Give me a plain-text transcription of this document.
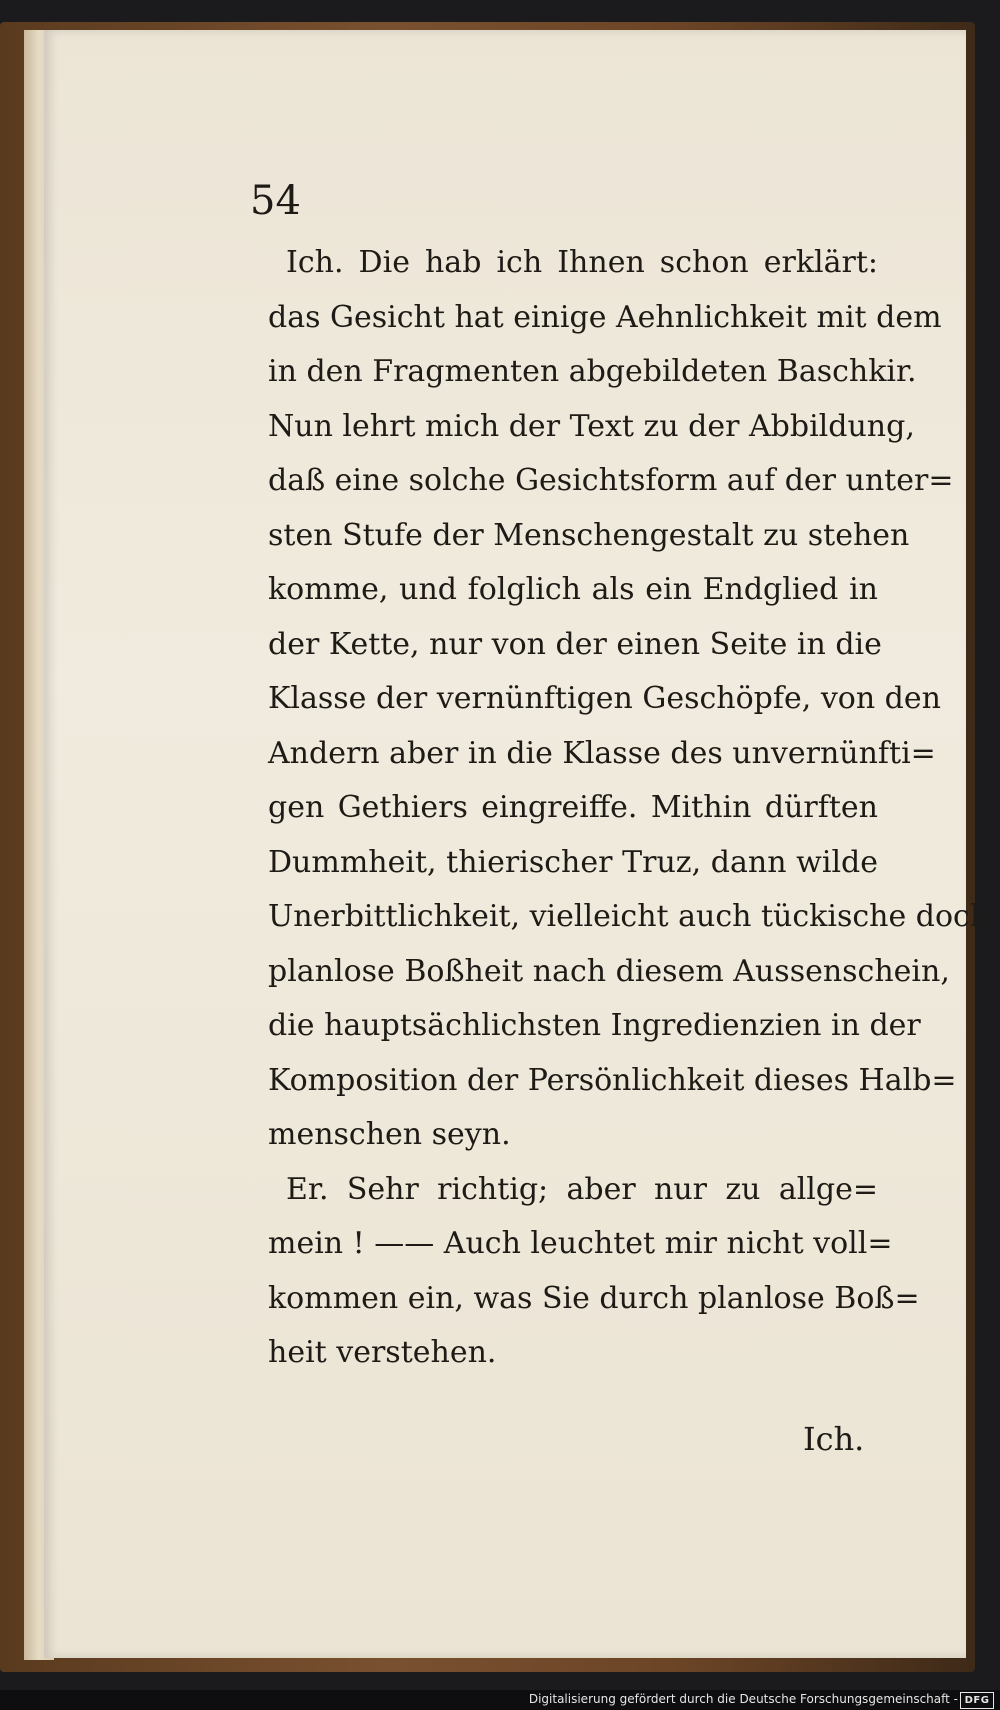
54
Ich. Die hab ich Ihnen schon erklärt:
das Gesicht hat einige Aehnlichkeit mit dem
in den Fragmenten abgebildeten Baschkir.
Nun lehrt mich der Text zu der Abbildung,
daß eine solche Gesichtsform auf der unter=
sten Stufe der Menschengestalt zu stehen
komme, und folglich als ein Endglied in
der Kette, nur von der einen Seite in die
Klasse der vernünftigen Geschöpfe, von den
Andern aber in die Klasse des unvernünfti=
gen Gethiers eingreiffe. Mithin dürften
Dummheit, thierischer Truz, dann wilde
Unerbittlichkeit, vielleicht auch tückische doch
planlose Boßheit nach diesem Aussenschein,
die hauptsächlichsten Ingredienzien in der
Komposition der Persönlichkeit dieses Halb=
menschen seyn.
Er. Sehr richtig; aber nur zu allge=
mein ! —— Auch leuchtet mir nicht voll=
kommen ein, was Sie durch planlose Boß=
heit verstehen.
Ich.
Digitalisierung gefördert durch die Deutsche Forschungsgemeinschaft - DFG
